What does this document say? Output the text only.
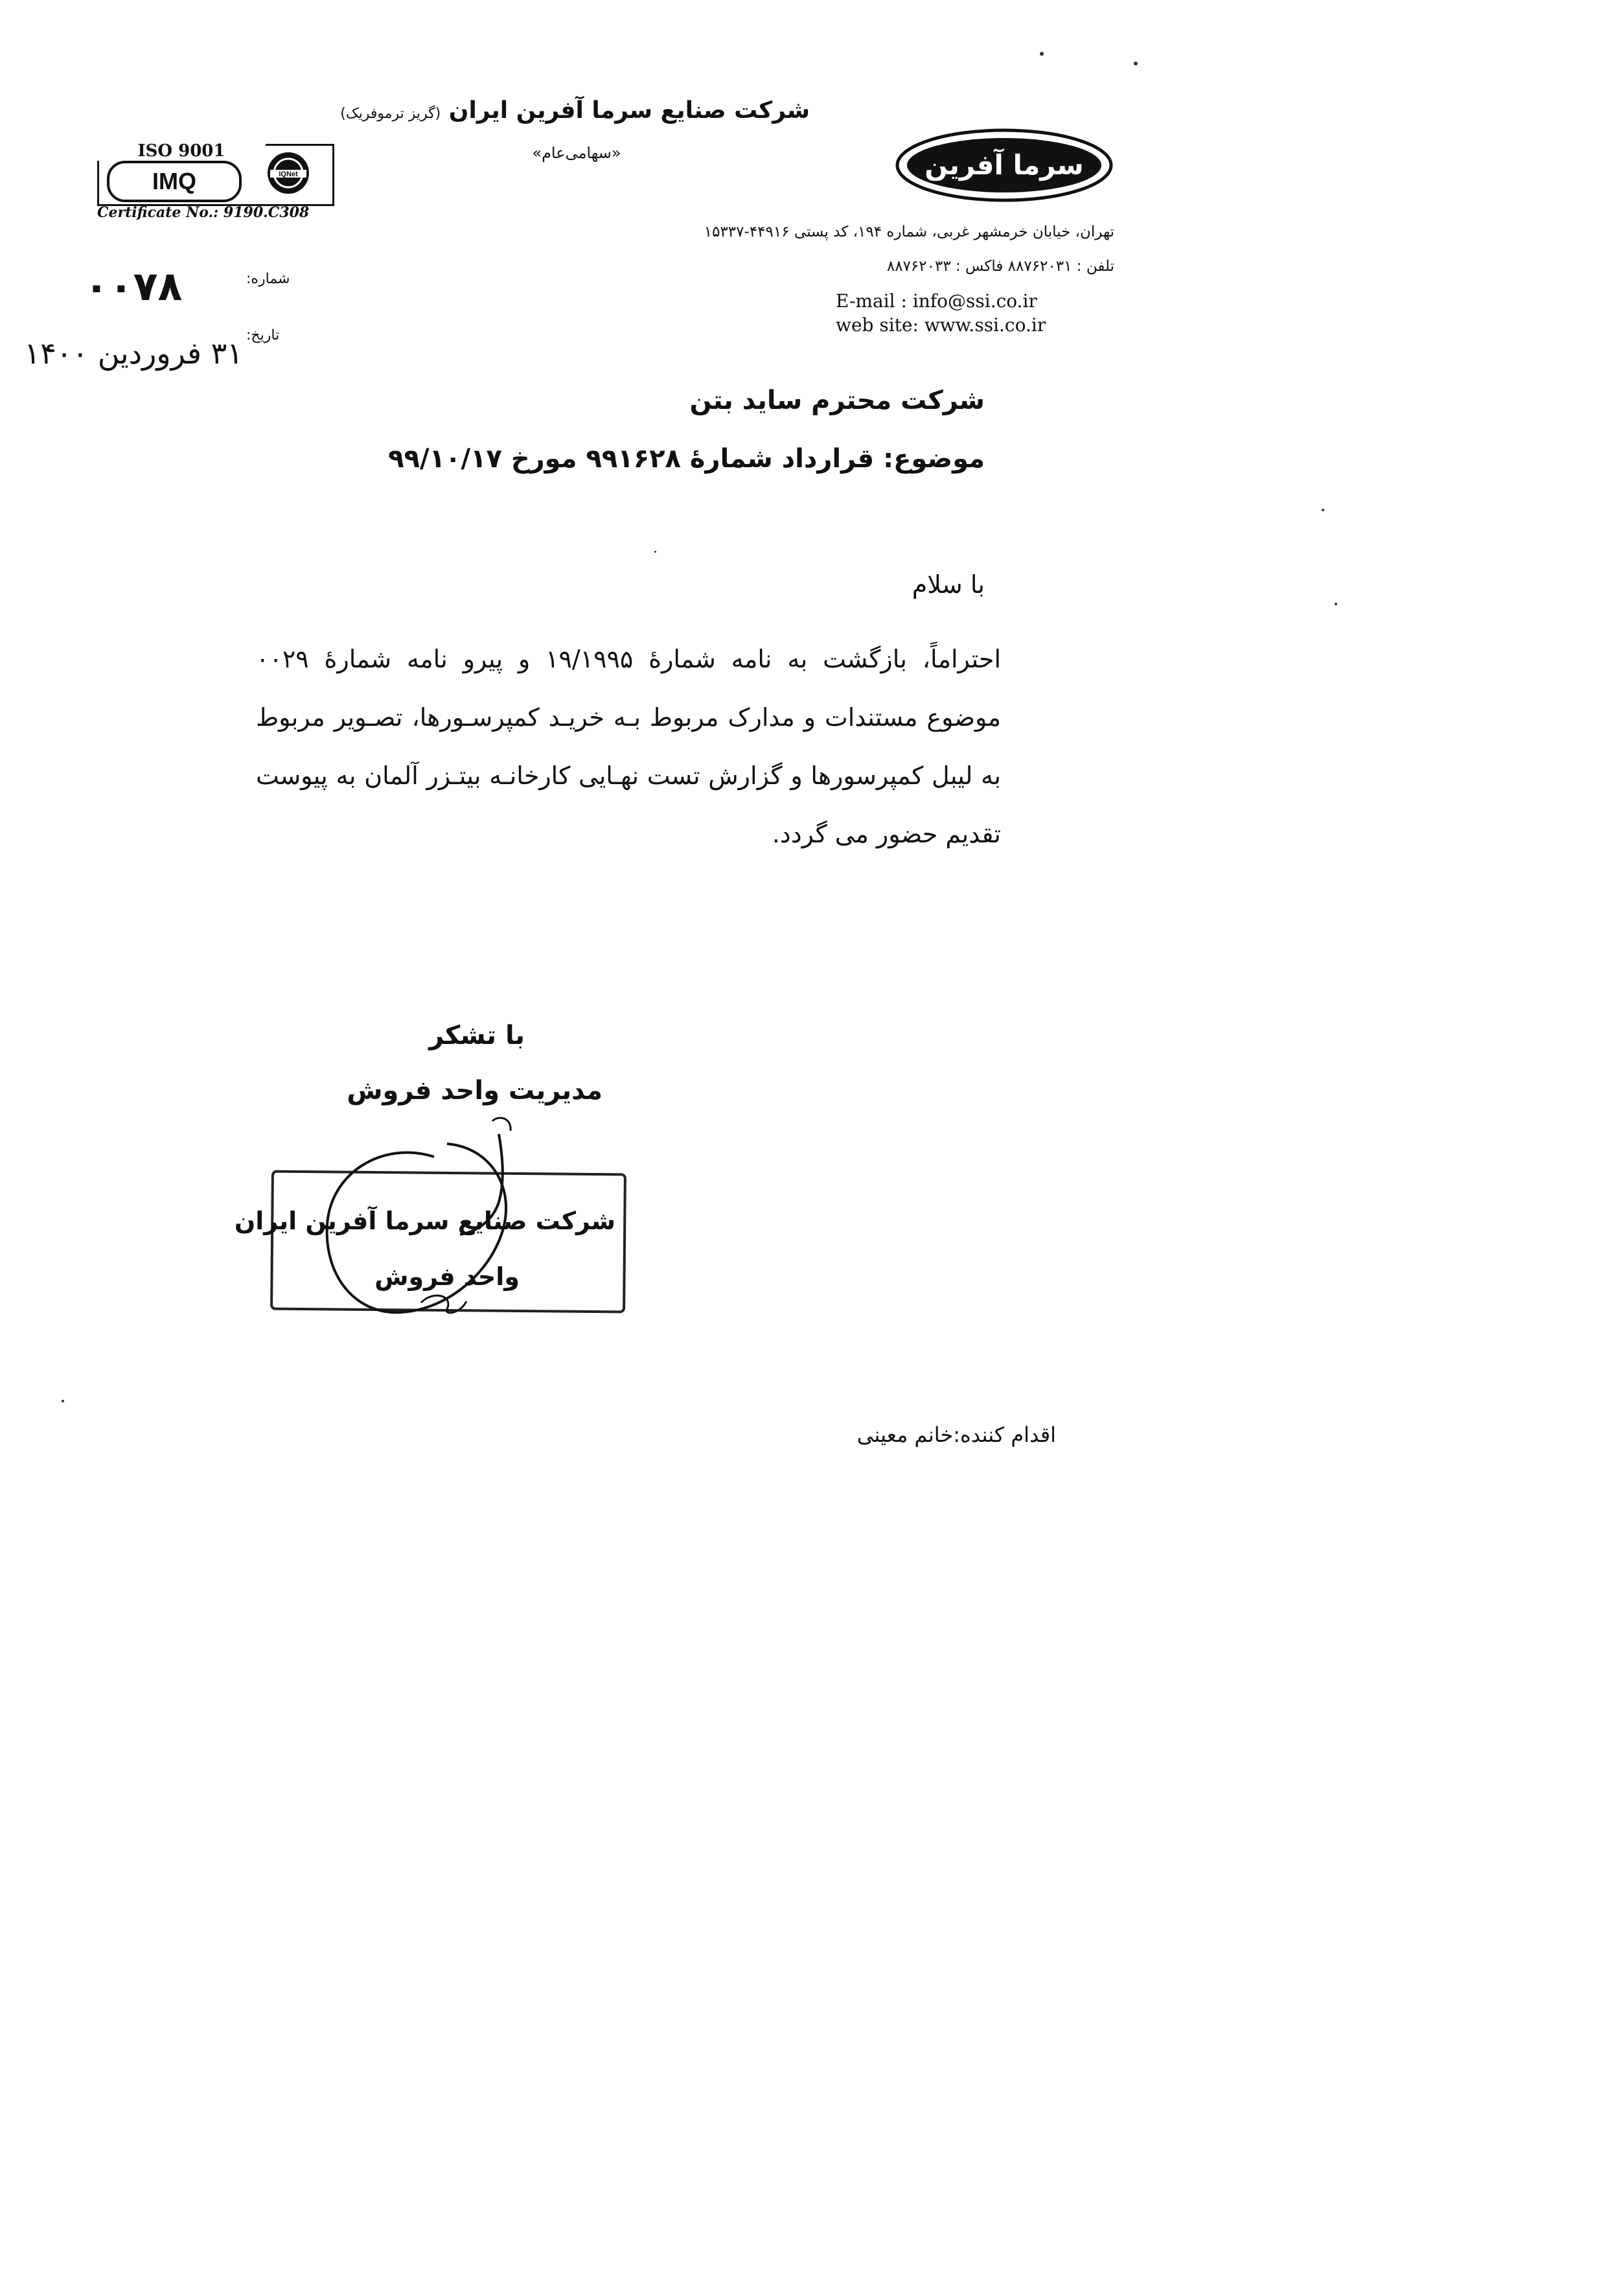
شرکت صنایع سرما آفرین ایران (گریز ترموفریک)
«سهامی‌عام»	سرما آفرین
ISO 9001
IMQ	IQNet
Certificate No.: 9190.C308
تهران، خیابان خرمشهر غربی، شماره ۱۹۴، کد پستی ۴۴۹۱۶-۱۵۳۳۷
تلفن : ۸۸۷۶۲۰۳۱ فاکس : ۸۸۷۶۲۰۳۳
E-mail : info@ssi.co.ir
web site: www.ssi.co.ir
شماره:
۰۰۷۸
تاریخ:
۳۱ فروردین ۱۴۰۰
شرکت محترم ساید بتن
موضوع: قرارداد شمارهٔ ۹۹۱۶۲۸ مورخ ۹۹/۱۰/۱۷
با سلام
احتراماً، بازگشت به نامه شمارهٔ ۱۹/۱۹۹۵ و پیرو نامه شمارهٔ ۰۰۲۹ موضوع مستندات و مدارک مربوط بـه خریـد کمپرسـورها، تصـویر مربوط به لیبل کمپرسورها و گزارش تست نهـایی کارخانـه بیتـزر آلمان به پیوست تقدیم حضور می گردد.
با تشکر
مدیریت واحد فروش
شرکت صنایع سرما آفرین ایران
واحد فروش
اقدام کننده:خانم معینی
